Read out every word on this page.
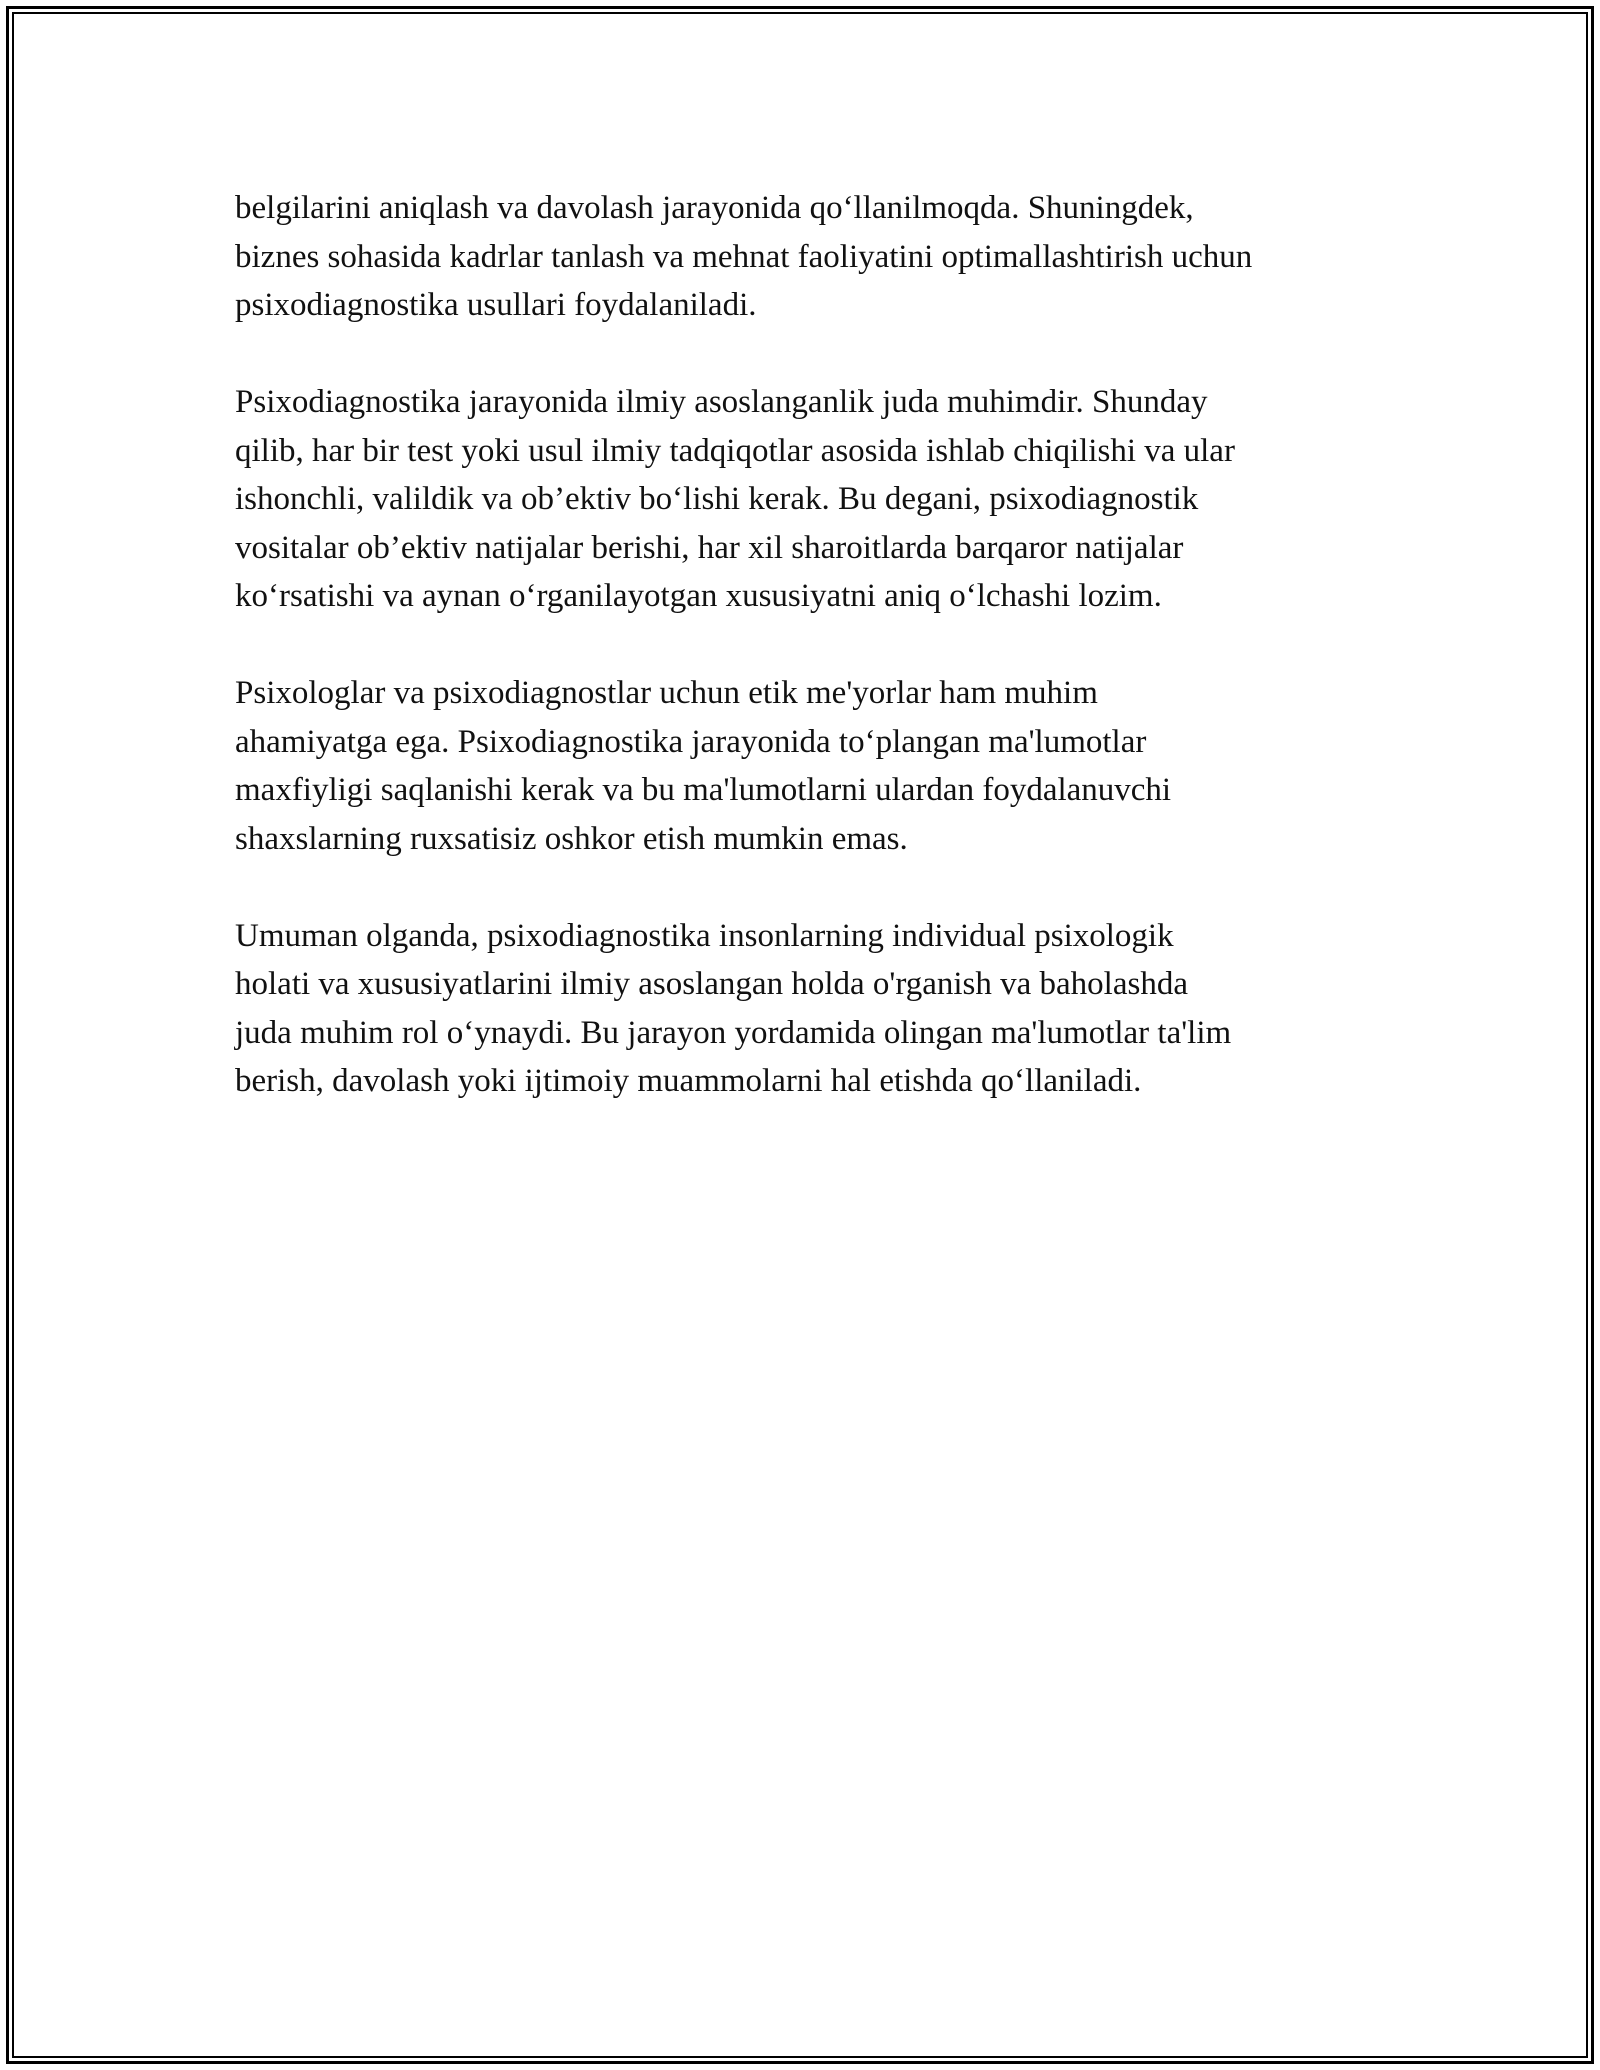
belgilarini aniqlash va davolash jarayonida qo‘llanilmoqda. Shuningdek,
biznes sohasida kadrlar tanlash va mehnat faoliyatini optimallashtirish uchun
psixodiagnostika usullari foydalaniladi.

Psixodiagnostika jarayonida ilmiy asoslanganlik juda muhimdir. Shunday
qilib, har bir test yoki usul ilmiy tadqiqotlar asosida ishlab chiqilishi va ular
ishonchli, valildik va ob’ektiv bo‘lishi kerak. Bu degani, psixodiagnostik
vositalar ob’ektiv natijalar berishi, har xil sharoitlarda barqaror natijalar
ko‘rsatishi va aynan o‘rganilayotgan xususiyatni aniq o‘lchashi lozim.

Psixologlar va psixodiagnostlar uchun etik me'yorlar ham muhim
ahamiyatga ega. Psixodiagnostika jarayonida to‘plangan ma'lumotlar
maxfiyligi saqlanishi kerak va bu ma'lumotlarni ulardan foydalanuvchi
shaxslarning ruxsatisiz oshkor etish mumkin emas.

Umuman olganda, psixodiagnostika insonlarning individual psixologik
holati va xususiyatlarini ilmiy asoslangan holda o'rganish va baholashda
juda muhim rol o‘ynaydi. Bu jarayon yordamida olingan ma'lumotlar ta'lim
berish, davolash yoki ijtimoiy muammolarni hal etishda qo‘llaniladi.
